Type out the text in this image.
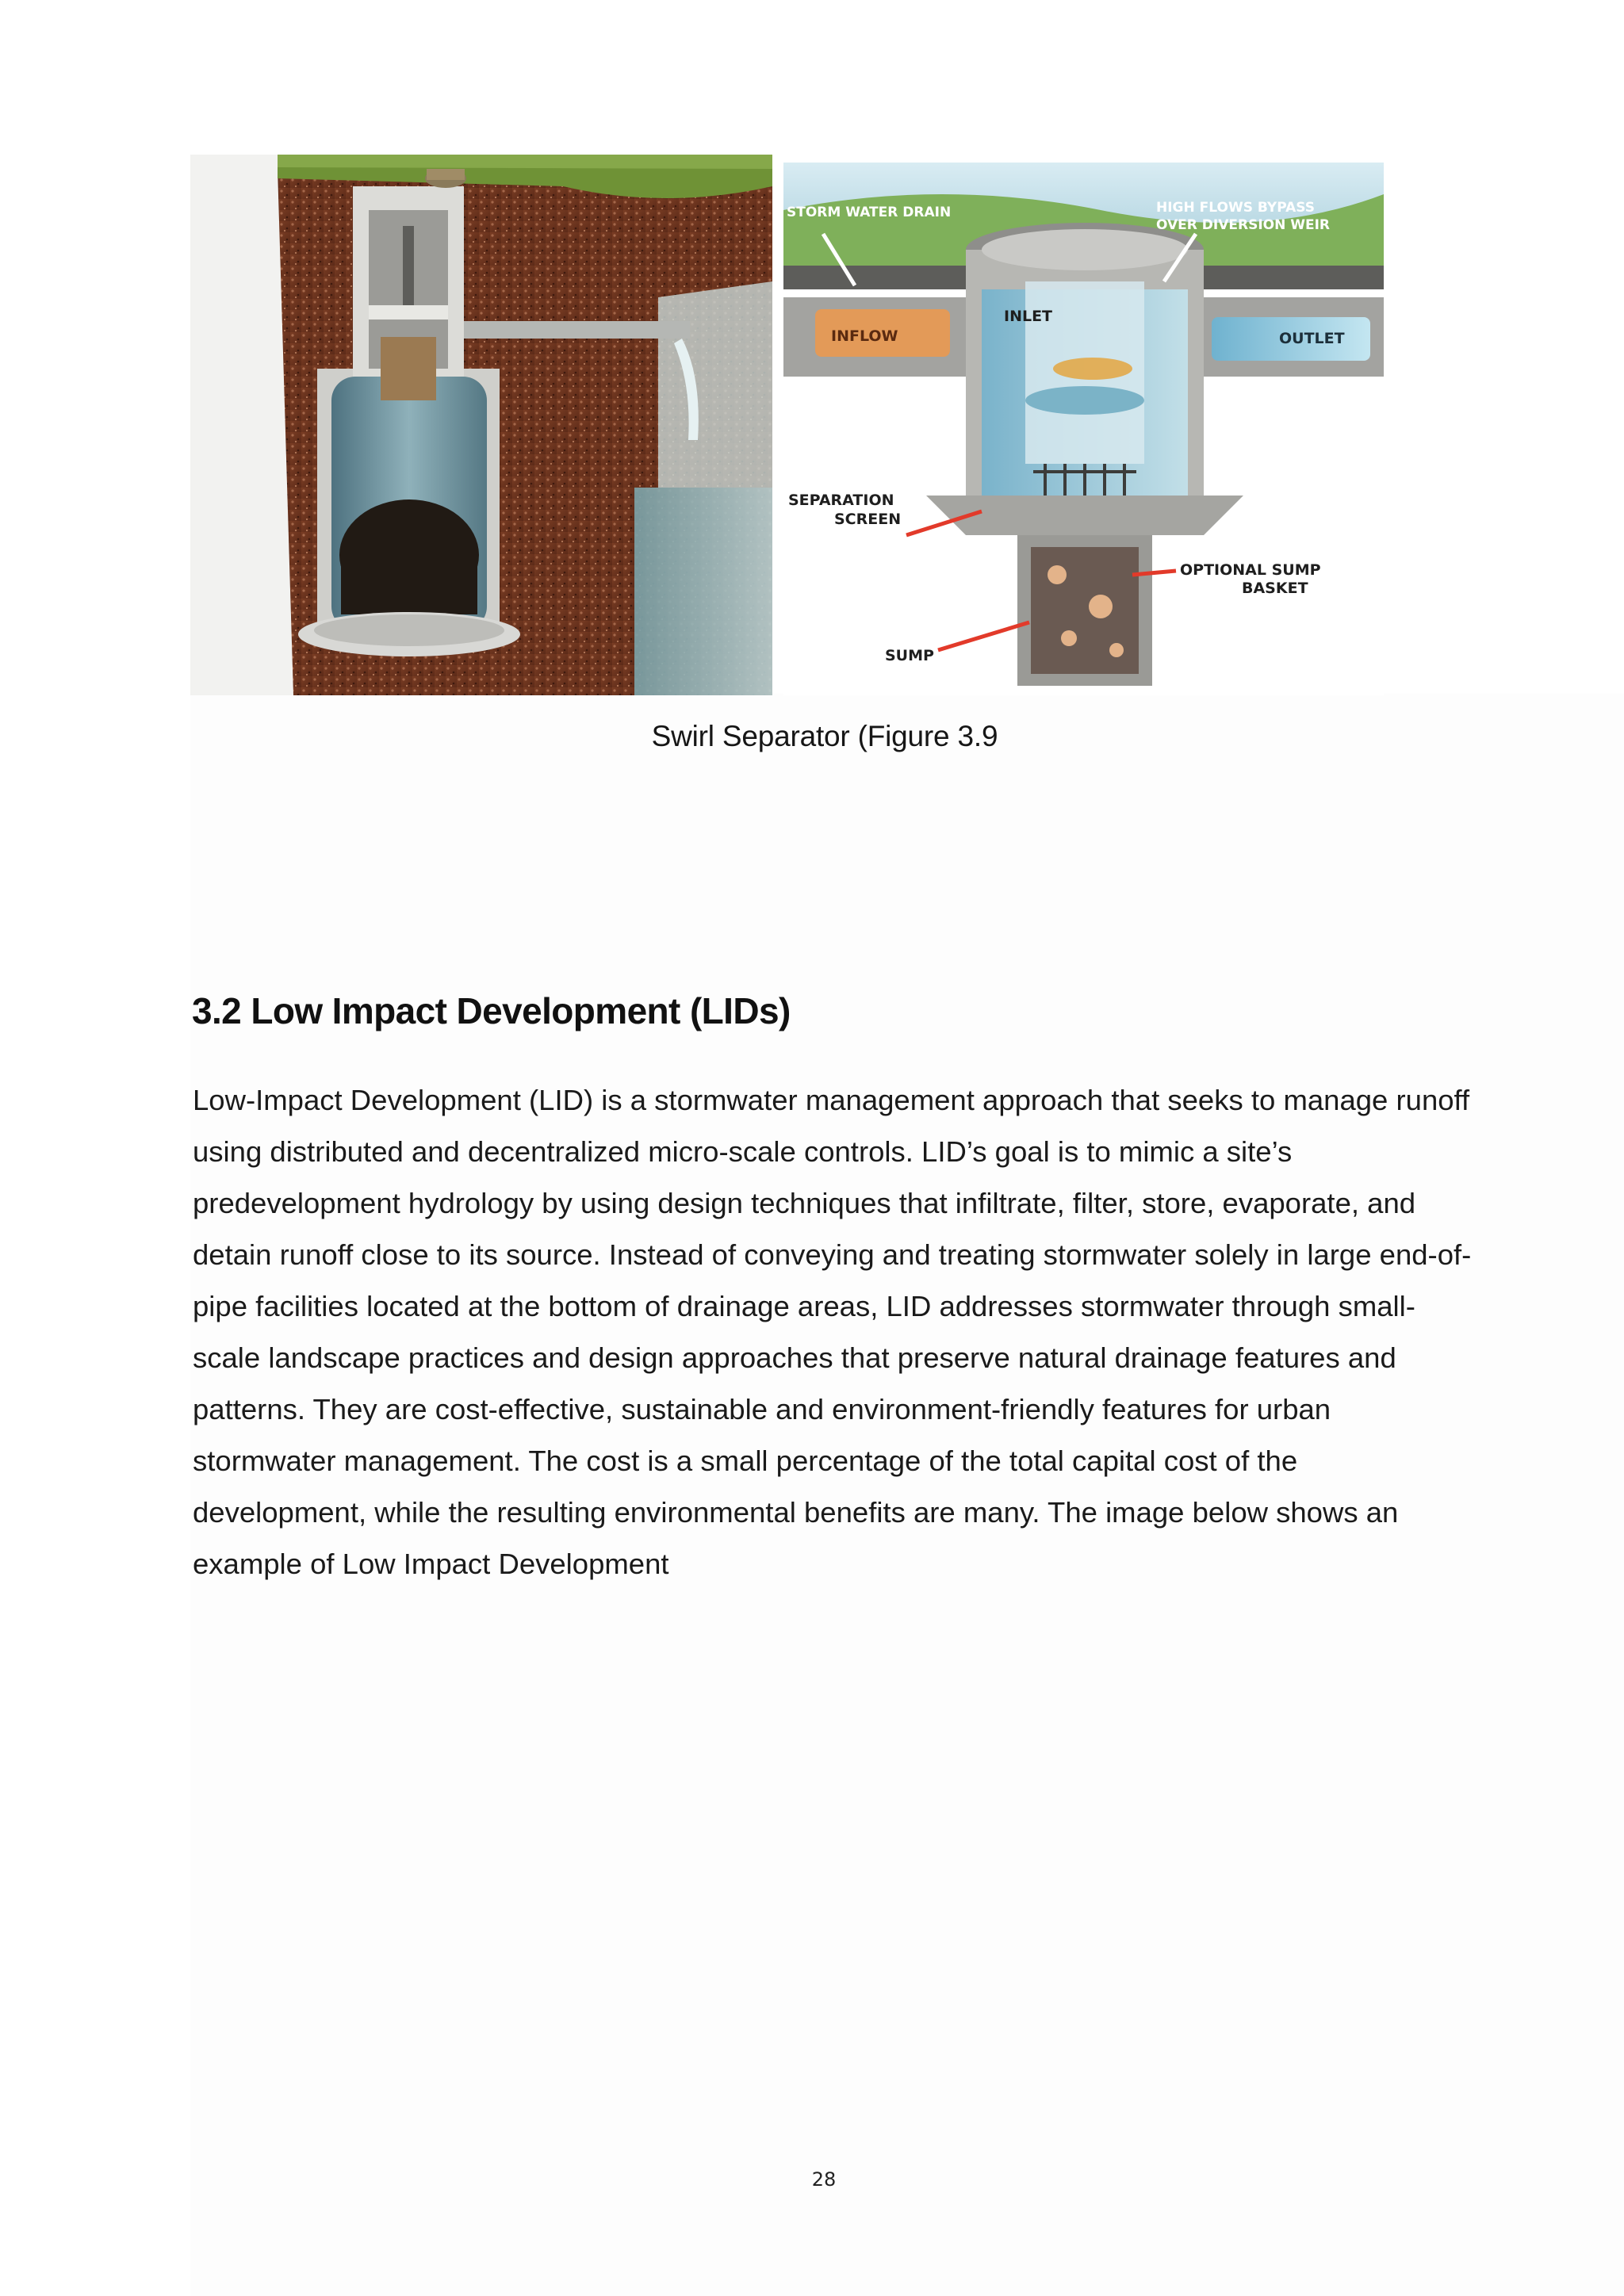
STORM WATER DRAIN	HIGH FLOWS BYPASS
OVER DIVERSION WEIR
INLET
INFLOW	OUTLET
SEPARATION
SCREEN
OPTIONAL SUMP
BASKET
SUMP
Swirl Separator (Figure 3.9
3.2 Low Impact Development (LIDs)

Low-Impact Development (LID) is a stormwater management approach that seeks to manage runoff using distributed and decentralized micro-scale controls. LID’s goal is to mimic a site’s predevelopment hydrology by using design techniques that infiltrate, filter, store, evaporate, and detain runoff close to its source. Instead of conveying and treating stormwater solely in large end-of-pipe facilities located at the bottom of drainage areas, LID addresses stormwater through small-scale landscape practices and design approaches that preserve natural drainage features and patterns. They are cost-effective, sustainable and environment-friendly features for urban stormwater management. The cost is a small percentage of the total capital cost of the development, while the resulting environmental benefits are many. The image below shows an example of Low Impact Development

28
